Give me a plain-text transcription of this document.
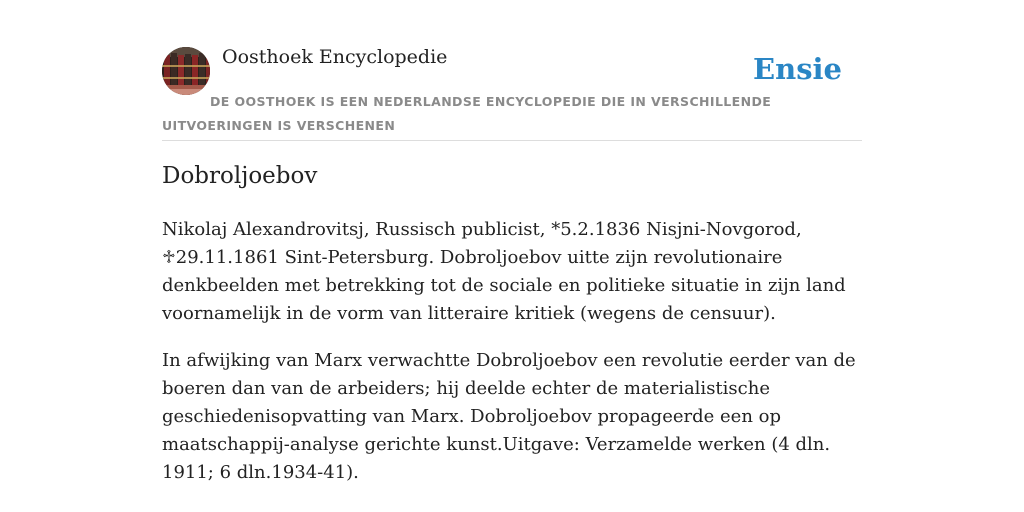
Oosthoek Encyclopedie	Ensie
DE OOSTHOEK IS EEN NEDERLANDSE ENCYCLOPEDIE DIE IN VERSCHILLENDE UITVOERINGEN IS VERSCHENEN
Dobroljoebov

Nikolaj Alexandrovitsj, Russisch publicist, *5.2.1836 Nisjni-Novgorod, ♱29.11.1861 Sint-Petersburg. Dobroljoebov uitte zijn revolutionaire denkbeelden met betrekking tot de sociale en politieke situatie in zijn land voornamelijk in de vorm van litteraire kritiek (wegens de censuur).

In afwijking van Marx verwachtte Dobroljoebov een revolutie eerder van de boeren dan van de arbeiders; hij deelde echter de materialistische geschiedenisopvatting van Marx. Dobroljoebov propageerde een op maatschappij-analyse gerichte kunst.Uitgave: Verzamelde werken (4 dln. 1911; 6 dln.1934-41).
